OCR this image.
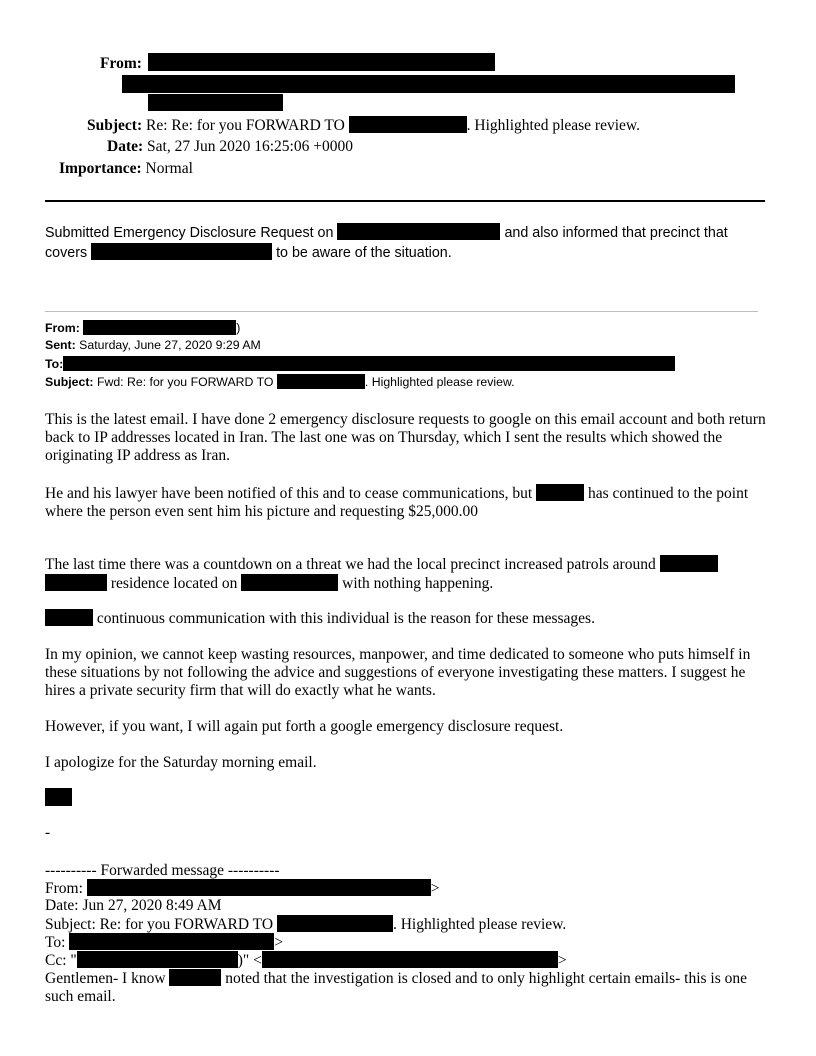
From:
Subject: Re: Re: for you FORWARD TO	. Highlighted please review.
Date: Sat, 27 Jun 2020 16:25:06 +0000
Importance: Normal
Submitted Emergency Disclosure Request on	and also informed that precinct that
covers	to be aware of the situation.
From:	)
Sent: Saturday, June 27, 2020 9:29 AM
To:
Subject: Fwd: Re: for you FORWARD TO	. Highlighted please review.

This is the latest email. I have done 2 emergency disclosure requests to google on this email account and both return back to IP addresses located in Iran. The last one was on Thursday, which I sent the results which showed the originating IP address as Iran.

He and his lawyer have been notified of this and to cease communications, but	has continued to the point where the person even sent him his picture and requesting $25,000.00

The last time there was a countdown on a threat we had the local precinct increased patrols around   residence located on	with nothing happening.

continuous communication with this individual is the reason for these messages.

In my opinion, we cannot keep wasting resources, manpower, and time dedicated to someone who puts himself in these situations by not following the advice and suggestions of everyone investigating these matters. I suggest he hires a private security firm that will do exactly what he wants.

However, if you want, I will again put forth a google emergency disclosure request.

I apologize for the Saturday morning email.

-
---------- Forwarded message ----------
From:	>
Date: Jun 27, 2020 8:49 AM
Subject: Re: for you FORWARD TO	. Highlighted please review.
To:	>
Cc: "	)" <	>

Gentlemen- I know	noted that the investigation is closed and to only highlight certain emails- this is one such email.
